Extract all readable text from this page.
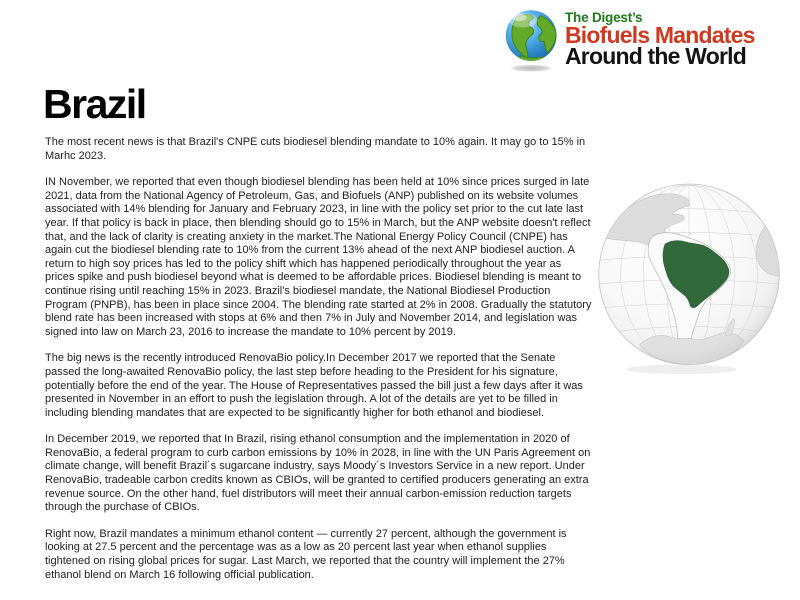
The Digest’s
Biofuels Mandates
Around the World
Brazil

The most recent news is that Brazil's CNPE cuts biodiesel blending mandate to 10% again. It may go to 15% in Marhc 2023.

IN November, we reported that even though biodiesel blending has been held at 10% since prices surged in late 2021, data from the National Agency of Petroleum, Gas, and Biofuels (ANP) published on its website volumes associated with 14% blending for January and February 2023, in line with the policy set prior to the cut late last year. If that policy is back in place, then blending should go to 15% in March, but the ANP website doesn't reflect that, and the lack of clarity is creating anxiety in the market.The National Energy Policy Council (CNPE) has again cut the biodiesel blending rate to 10% from the current 13% ahead of the next ANP biodiesel auction. A return to high soy prices has led to the policy shift which has happened periodically throughout the year as prices spike and push biodiesel beyond what is deemed to be affordable prices. Biodiesel blending is meant to continue rising until reaching 15% in 2023. Brazil's biodiesel mandate, the National Biodiesel Production Program (PNPB), has been in place since 2004. The blending rate started at 2% in 2008. Gradually the statutory blend rate has been increased with stops at 6% and then 7% in July and November 2014, and legislation was signed into law on March 23, 2016 to increase the mandate to 10% percent by 2019.

The big news is the recently introduced RenovaBio policy.In December 2017 we reported that the Senate passed the long-awaited RenovaBio policy, the last step before heading to the President for his signature, potentially before the end of the year. The House of Representatives passed the bill just a few days after it was presented in November in an effort to push the legislation through. A lot of the details are yet to be filled in including blending mandates that are expected to be significantly higher for both ethanol and biodiesel.

In December 2019, we reported that In Brazil, rising ethanol consumption and the implementation in 2020 of RenovaBio, a federal program to curb carbon emissions by 10% in 2028, in line with the UN Paris Agreement on climate change, will benefit Brazil´s sugarcane industry, says Moody´s Investors Service in a new report. Under RenovaBio, tradeable carbon credits known as CBIOs, will be granted to certified producers generating an extra revenue source. On the other hand, fuel distributors will meet their annual carbon-emission reduction targets through the purchase of CBIOs.

Right now, Brazil mandates a minimum ethanol content — currently 27 percent, although the government is looking at 27.5 percent and the percentage was as a low as 20 percent last year when ethanol supplies tightened on rising global prices for sugar. Last March, we reported that the country will implement the 27% ethanol blend on March 16 following official publication.
